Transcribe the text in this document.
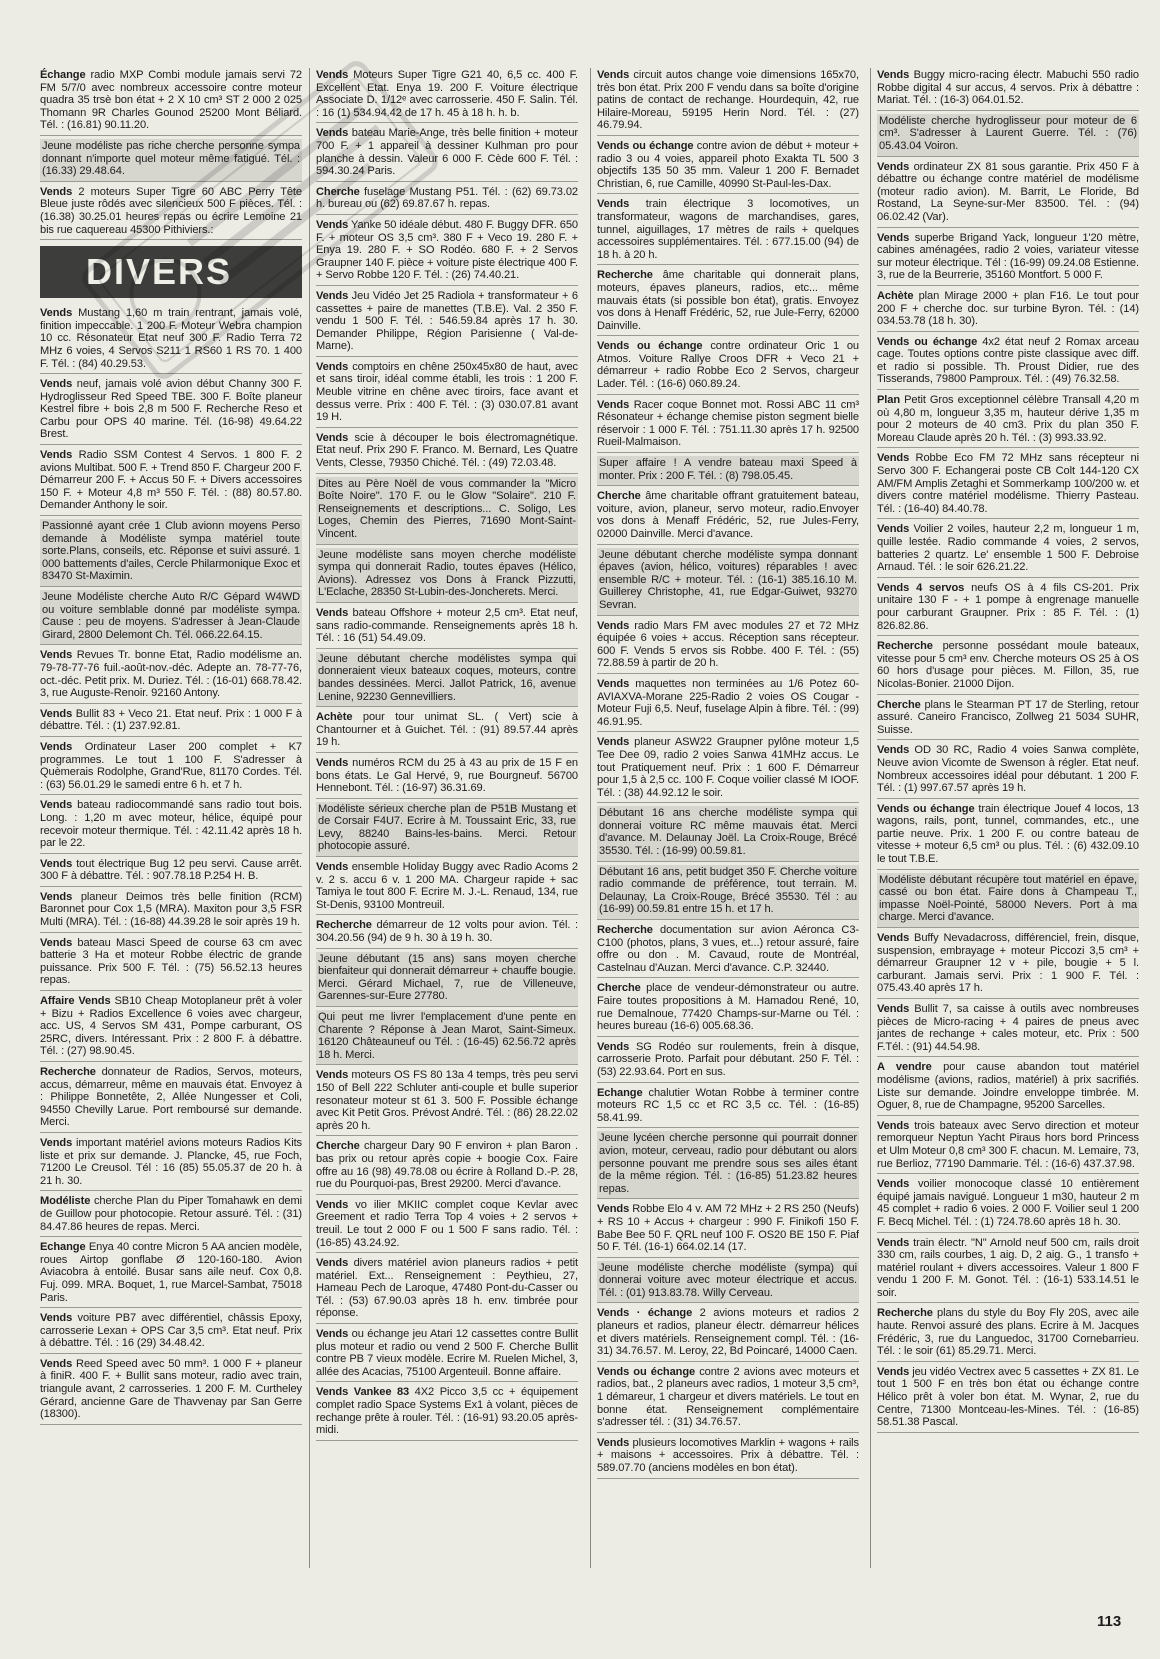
Échange radio MXP Combi module jamais servi 72 FM 5/7/0 avec nombreux accessoire contre moteur quadra 35 trsè bon état + 2 X 10 cm³ ST 2 000 2 025 Thomann 9R Charles Gounod 25200 Mont Béliard. Tél. : (16.81) 90.11.20.
Jeune modéliste pas riche cherche personne sympa donnant n'importe quel moteur même fatigué. Tél. : (16.33) 29.48.64.
Vends 2 moteurs Super Tigre 60 ABC Perry Tête Bleue juste rôdés avec silencieux 500 F pièces. Tél. : (16.38) 30.25.01 heures repas ou écrire Lemoine 21 bis rue caquereau 45300 Pithiviers.:
DIVERS
Vends Mustang 1,60 m train rentrant, jamais volé, finition impeccable. 1 200 F. Moteur Webra champion 10 cc. Résonateur Etat neuf 300 F. Radio Terra 72 MHz 6 voies, 4 Servos S211 1 RS60 1 RS 70. 1 400 F. Tél. : (84) 40.29.53.
Vends neuf, jamais volé avion début Channy 300 F. Hydroglisseur Red Speed TBE. 300 F. Boîte planeur Kestrel fibre + bois 2,8 m 500 F. Recherche Reso et Carbu pour OPS 40 marine. Tél. (16-98) 49.64.22 Brest.
Vends Radio SSM Contest 4 Servos. 1 800 F. 2 avions Multibat. 500 F. + Trend 850 F. Chargeur 200 F. Démarreur 200 F. + Accus 50 F. + Divers accessoires 150 F. + Moteur 4,8 m³ 550 F. Tél. : (88) 80.57.80. Demander Anthony le soir.
Passionné ayant crée 1 Club avionn moyens Perso demande à Modéliste sympa matériel toute sorte.Plans, conseils, etc. Réponse et suivi assuré. 1 000 battements d'ailes, Cercle Philarmonique Exoc et 83470 St-Maximin.
Jeune Modéliste cherche Auto R/C Gépard W4WD ou voiture semblable donné par modéliste sympa. Cause : peu de moyens. S'adresser à Jean-Claude Girard, 2800 Delemont Ch. Tél. 066.22.64.15.
Vends Revues Tr. bonne Etat, Radio modélisme an. 79-78-77-76 fuil.-août-nov.-déc. Adepte an. 78-77-76, oct.-déc. Petit prix. M. Duriez. Tél. : (16-01) 668.78.42. 3, rue Auguste-Renoir. 92160 Antony.
Vends Bullit 83 + Veco 21. Etat neuf. Prix : 1 000 F à débattre. Tél. : (1) 237.92.81.
Vends Ordinateur Laser 200 complet + K7 programmes. Le tout 1 100 F. S'adresser à Quèmerais Rodolphe, Grand'Rue, 81170 Cordes. Tél. : (63) 56.01.29 le samedi entre 6 h. et 7 h.
Vends bateau radiocommandé sans radio tout bois. Long. : 1,20 m avec moteur, hélice, équipé pour recevoir moteur thermique. Tél. : 42.11.42 après 18 h. par le 22.
Vends tout électrique Bug 12 peu servi. Cause arrêt. 300 F à débattre. Tél. : 907.78.18 P.254 H. B.
Vends planeur Deimos très belle finition (RCM) Baronnet pour Cox 1,5 (MRA). Maxiton pour 3,5 FSR Multi (MRA). Tél. : (16-88) 44.39.28 le soir après 19 h.
Vends bateau Masci Speed de course 63 cm avec batterie 3 Ha et moteur Robbe électric de grande puissance. Prix 500 F. Tél. : (75) 56.52.13 heures repas.
Affaire Vends SB10 Cheap Motoplaneur prêt à voler + Bizu + Radios Excellence 6 voies avec chargeur, acc. US, 4 Servos SM 431, Pompe carburant, OS 25RC, divers. Intéressant. Prix : 2 800 F. à débattre. Tél. : (27) 98.90.45.
Recherche donnateur de Radios, Servos, moteurs, accus, démarreur, même en mauvais état. Envoyez à : Philippe Bonnetête, 2, Allée Nungesser et Coli, 94550 Chevilly Larue. Port remboursé sur demande. Merci.
Vends important matériel avions moteurs Radios Kits liste et prix sur demande. J. Plancke, 45, rue Foch, 71200 Le Creusol. Tél : 16 (85) 55.05.37 de 20 h. à 21 h. 30.
Modéliste cherche Plan du Piper Tomahawk en demi de Guillow pour photocopie. Retour assuré. Tél. : (31) 84.47.86 heures de repas. Merci.
Echange Enya 40 contre Micron 5 AA ancien modèle, roues Airtop gonflabe Ø 120-160-180. Avion Aviacobra à entoilé. Busar sans aile neuf. Cox 0,8. Fuj. 099. MRA. Boquet, 1, rue Marcel-Sambat, 75018 Paris.
Vends voiture PB7 avec différentiel, châssis Epoxy, carrosserie Lexan + OPS Car 3,5 cm³. Etat neuf. Prix à débattre. Tél. : 16 (29) 34.48.42.
Vends Reed Speed avec 50 mm³. 1 000 F + planeur à finiR. 400 F. + Bullit sans moteur, radio avec train, triangule avant, 2 carrosseries. 1 200 F. M. Curtheley Gérard, ancienne Gare de Thavvenay par San Gerre (18300).
Vends Moteurs Super Tigre G21 40, 6,5 cc. 400 F. Excellent Etat. Enya 19. 200 F. Voiture électrique Associate D. 1/12ᵉ avec carrosserie. 450 F. Salin. Tél. : 16 (1) 534.94.42 de 17 h. 45 à 18 h. h. b.
Vends bateau Marie-Ange, très belle finition + moteur 700 F. + 1 appareil à dessiner Kulhman pro pour planche à dessin. Valeur 6 000 F. Cède 600 F. Tél. : 594.30.24 Paris.
Cherche fuselage Mustang P51. Tél. : (62) 69.73.02 h. bureau ou (62) 69.87.67 h. repas.
Vends Yanke 50 idéale début. 480 F. Buggy DFR. 650 F. + moteur OS 3,5 cm³. 380 F + Veco 19. 280 F. + Enya 19. 280 F. + SO Rodéo. 680 F. + 2 Servos Graupner 140 F. pièce + voiture piste électrique 400 F. + Servo Robbe 120 F. Tél. : (26) 74.40.21.
Vends Jeu Vidéo Jet 25 Radiola + transformateur + 6 cassettes + paire de manettes (T.B.E). Val. 2 350 F. vendu 1 500 F. Tél. : 546.59.84 après 17 h. 30. Demander Philippe, Région Parisienne ( Val-de-Marne).
Vends comptoirs en chêne 250x45x80 de haut, avec et sans tiroir, idéal comme établi, les trois : 1 200 F. Meuble vitrine en chêne avec tiroirs, face avant et dessus verre. Prix : 400 F. Tél. : (3) 030.07.81 avant 19 H.
Vends scie à découper le bois électromagnétique. Etat neuf. Prix 290 F. Franco. M. Bernard, Les Quatre Vents, Clesse, 79350 Chiché. Tél. : (49) 72.03.48.
Dites au Père Noël de vous commander la "Micro Boîte Noire". 170 F. ou le Glow "Solaire". 210 F. Renseignements et descriptions... C. Soligo, Les Loges, Chemin des Pierres, 71690 Mont-Saint-Vincent.
Jeune modéliste sans moyen cherche modéliste sympa qui donnerait Radio, toutes épaves (Hélico, Avions). Adressez vos Dons à Franck Pizzutti, L'Eclache, 28350 St-Lubin-des-Joncherets. Merci.
Vends bateau Offshore + moteur 2,5 cm³. Etat neuf, sans radio-commande. Renseignements après 18 h. Tél. : 16 (51) 54.49.09.
Jeune débutant cherche modélistes sympa qui donneraient vieux bateaux coques, moteurs, contre bandes dessinées. Merci. Jallot Patrick, 16, avenue Lenine, 92230 Gennevilliers.
Achète pour tour unimat SL. ( Vert) scie à Chantourner et à Guichet. Tél. : (91) 89.57.44 après 19 h.
Vends numéros RCM du 25 à 43 au prix de 15 F en bons états. Le Gal Hervé, 9, rue Bourgneuf. 56700 Hennebont. Tél. : (16-97) 36.31.69.
Modéliste sérieux cherche plan de P51B Mustang et de Corsair F4U7. Ecrire à M. Toussaint Eric, 33, rue Levy, 88240 Bains-les-bains. Merci. Retour photocopie assuré.
Vends ensemble Holiday Buggy avec Radio Acoms 2 v. 2 s. accu 6 v. 1 200 MA. Chargeur rapide + sac Tamiya le tout 800 F. Ecrire M. J.-L. Renaud, 134, rue St-Denis, 93100 Montreuil.
Recherche démarreur de 12 volts pour avion. Tél. : 304.20.56 (94) de 9 h. 30 à 19 h. 30.
Jeune débutant (15 ans) sans moyen cherche bienfaiteur qui donnerait démarreur + chauffe bougie. Merci. Gérard Michael, 7, rue de Villeneuve, Garennes-sur-Eure 27780.
Qui peut me livrer l'emplacement d'une pente en Charente ? Réponse à Jean Marot, Saint-Simeux. 16120 Châteauneuf ou Tél. : (16-45) 62.56.72 après 18 h. Merci.
Vends moteurs OS FS 80 13a 4 temps, très peu servi 150 of Bell 222 Schluter anti-couple et bulle superior resonateur moteur st 61 3. 500 F. Possible échange avec Kit Petit Gros. Prévost André. Tél. : (86) 28.22.02 après 20 h.
Cherche chargeur Dary 90 F environ + plan Baron . bas prix ou retour après copie + boogie Cox. Faire offre au 16 (98) 49.78.08 ou écrire à Rolland D.-P. 28, rue du Pourquoi-pas, Brest 29200. Merci d'avance.
Vends vo ilier MKIIC complet coque Kevlar avec Greement et radio Terra Top 4 voies + 2 servos + treuil. Le tout 2 000 F ou 1 500 F sans radio. Tél. : (16-85) 43.24.92.
Vends divers matériel avion planeurs radios + petit matériel. Ext... Renseignement : Peythieu, 27, Hameau Pech de Laroque, 47480 Pont-du-Casser ou Tél. : (53) 67.90.03 après 18 h. env. timbrée pour réponse.
Vends ou échange jeu Atari 12 cassettes contre Bullit plus moteur et radio ou vend 2 500 F. Cherche Bullit contre PB 7 vieux modèle. Ecrire M. Ruelen Michel, 3, allée des Acacias, 75100 Argenteuil. Bonne affaire.
Vends Vankee 83 4X2 Picco 3,5 cc + équipement complet radio Space Systems Ex1 à volant, pièces de rechange prête à rouler. Tél. : (16-91) 93.20.05 après-midi.
Vends circuit autos change voie dimensions 165x70, très bon état. Prix 200 F vendu dans sa boîte d'origine patins de contact de rechange. Hourdequin, 42, rue Hilaire-Moreau, 59195 Herin Nord. Tél. : (27) 46.79.94.
Vends ou échange contre avion de début + moteur + radio 3 ou 4 voies, appareil photo Exakta TL 500 3 objectifs 135 50 35 mm. Valeur 1 200 F. Bernadet Christian, 6, rue Camille, 40990 St-Paul-les-Dax.
Vends train électrique 3 locomotives, un transformateur, wagons de marchandises, gares, tunnel, aiguillages, 17 mètres de rails + quelques accessoires supplémentaires. Tél. : 677.15.00 (94) de 18 h. à 20 h.
Recherche âme charitable qui donnerait plans, moteurs, épaves planeurs, radios, etc... même mauvais états (si possible bon état), gratis. Envoyez vos dons à Henaff Frédéric, 52, rue Jule-Ferry, 62000 Dainville.
Vends ou échange contre ordinateur Oric 1 ou Atmos. Voiture Rallye Croos DFR + Veco 21 + démarreur + radio Robbe Eco 2 Servos, chargeur Lader. Tél. : (16-6) 060.89.24.
Vends Racer coque Bonnet mot. Rossi ABC 11 cm³ Résonateur + échange chemise piston segment bielle réservoir : 1 000 F. Tél. : 751.11.30 après 17 h. 92500 Rueil-Malmaison.
Super affaire ! A vendre bateau maxi Speed à monter. Prix : 200 F. Tél. : (8) 798.05.45.
Cherche âme charitable offrant gratuitement bateau, voiture, avion, planeur, servo moteur, radio.Envoyer vos dons à Menaff Frédéric, 52, rue Jules-Ferry, 02000 Dainville. Merci d'avance.
Jeune débutant cherche modéliste sympa donnant épaves (avion, hélico, voitures) réparables ! avec ensemble R/C + moteur. Tél. : (16-1) 385.16.10 M. Guillerey Christophe, 41, rue Edgar-Guiwet, 93270 Sevran.
Vends radio Mars FM avec modules 27 et 72 MHz équipée 6 voies + accus. Réception sans récepteur. 600 F. Vends 5 ervos sis Robbe. 400 F. Tél. : (55) 72.88.59 à partir de 20 h.
Vends maquettes non terminées au 1/6 Potez 60-AVIAXVA-Morane 225-Radio 2 voies OS Cougar - Moteur Fuji 6,5. Neuf, fuselage Alpin à fibre. Tél. : (99) 46.91.95.
Vends planeur ASW22 Graupner pylône moteur 1,5 Tee Dee 09, radio 2 voies Sanwa 41MHz accus. Le tout Pratiquement neuf. Prix : 1 600 F. Démarreur pour 1,5 à 2,5 cc. 100 F. Coque voilier classé M IOOF. Tél. : (38) 44.92.12 le soir.
Débutant 16 ans cherche modéliste sympa qui donnerai voiture RC même mauvais état. Merci d'avance. M. Delaunay Joël. La Croix-Rouge, Brécé 35530. Tél. : (16-99) 00.59.81.
Débutant 16 ans, petit budget 350 F. Cherche voiture radio commande de préférence, tout terrain. M. Delaunay, La Croix-Rouge, Brécé 35530. Tél : au (16-99) 00.59.81 entre 15 h. et 17 h.
Recherche documentation sur avion Aéronca C3-C100 (photos, plans, 3 vues, et...) retour assuré, faire offre ou don . M. Cavaud, route de Montréal, Castelnau d'Auzan. Merci d'avance. C.P. 32440.
Cherche place de vendeur-démonstrateur ou autre. Faire toutes propositions à M. Hamadou René, 10, rue Demalnoue, 77420 Champs-sur-Marne ou Tél. : heures bureau (16-6) 005.68.36.
Vends SG Rodéo sur roulements, frein à disque, carrosserie Proto. Parfait pour débutant. 250 F. Tél. : (53) 22.93.64. Port en sus.
Echange chalutier Wotan Robbe à terminer contre moteurs RC 1,5 cc et RC 3,5 cc. Tél. : (16-85) 58.41.99.
Jeune lycéen cherche personne qui pourrait donner avion, moteur, cerveau, radio pour débutant ou alors personne pouvant me prendre sous ses ailes étant de la même région. Tél. : (16-85) 51.23.82 heures repas.
Vends Robbe Elo 4 v. AM 72 MHz + 2 RS 250 (Neufs) + RS 10 + Accus + chargeur : 990 F. Finikofi 150 F. Babe Bee 50 F. QRL neuf 100 F. OS20 BE 150 F. Piaf 50 F. Tél. (16-1) 664.02.14 (17.
Jeune modéliste cherche modéliste (sympa) qui donnerai voiture avec moteur électrique et accus. Tél. : (01) 913.83.78. Willy Cerveau.
Vends · échange 2 avions moteurs et radios 2 planeurs et radios, planeur électr. démarreur hélices et divers matériels. Renseignement compl. Tél. : (16-31) 34.76.57. M. Leroy, 22, Bd Poincaré, 14000 Caen.
Vends ou échange contre 2 avions avec moteurs et radios, bat., 2 planeurs avec radios, 1 moteur 3,5 cm³, 1 démareur, 1 chargeur et divers matériels. Le tout en bonne état. Renseignement complémentaire s'adresser tél. : (31) 34.76.57.
Vends plusieurs locomotives Marklin + wagons + rails + maisons + accessoires. Prix à débattre. Tél. : 589.07.70 (anciens modèles en bon état).
Vends Buggy micro-racing électr. Mabuchi 550 radio Robbe digital 4 sur accus, 4 servos. Prix à débattre : Mariat. Tél. : (16-3) 064.01.52.
Modéliste cherche hydroglisseur pour moteur de 6 cm³. S'adresser à Laurent Guerre. Tél. : (76) 05.43.04 Voiron.
Vends ordinateur ZX 81 sous garantie. Prix 450 F à débattre ou échange contre matériel de modélisme (moteur radio avion). M. Barrit, Le Floride, Bd Rostand, La Seyne-sur-Mer 83500. Tél. : (94) 06.02.42 (Var).
Vends superbe Brigand Yack, longueur 1'20 mètre, cabines aménagées, radio 2 voies, variateur vitesse sur moteur électrique. Tél : (16-99) 09.24.08 Estienne. 3, rue de la Beurrerie, 35160 Montfort. 5 000 F.
Achète plan Mirage 2000 + plan F16. Le tout pour 200 F + cherche doc. sur turbine Byron. Tél. : (14) 034.53.78 (18 h. 30).
Vends ou échange 4x2 état neuf 2 Romax arceau cage. Toutes options contre piste classique avec diff. et radio si possible. Th. Proust Didier, rue des Tisserands, 79800 Pamproux. Tél. : (49) 76.32.58.
Plan Petit Gros exceptionnel célèbre Transall 4,20 m où 4,80 m, longueur 3,35 m, hauteur dérive 1,35 m pour 2 moteurs de 40 cm3. Prix du plan 350 F. Moreau Claude après 20 h. Tél. : (3) 993.33.92.
Vends Robbe Eco FM 72 MHz sans récepteur ni Servo 300 F. Echangerai poste CB Colt 144-120 CX AM/FM Amplis Zetaghi et Sommerkamp 100/200 w. et divers contre matériel modélisme. Thierry Pasteau. Tél. : (16-40) 84.40.78.
Vends Voilier 2 voiles, hauteur 2,2 m, longueur 1 m, quille lestée. Radio commande 4 voies, 2 servos, batteries 2 quartz. Le' ensemble 1 500 F. Debroise Arnaud. Tél. : le soir 626.21.22.
Vends 4 servos neufs OS à 4 fils CS-201. Prix unitaire 130 F - + 1 pompe à engrenage manuelle pour carburant Graupner. Prix : 85 F. Tél. : (1) 826.82.86.
Recherche personne possédant moule bateaux, vitesse pour 5 cm³ env. Cherche moteurs OS 25 à OS 60 hors d'usage pour pièces. M. Fillon, 35, rue Nicolas-Bonier. 21000 Dijon.
Cherche plans le Stearman PT 17 de Sterling, retour assuré. Caneiro Francisco, Zollweg 21 5034 SUHR, Suisse.
Vends OD 30 RC, Radio 4 voies Sanwa complète, Neuve avion Vicomte de Swenson à régler. Etat neuf. Nombreux accessoires idéal pour débutant. 1 200 F. Tél. : (1) 997.67.57 après 19 h.
Vends ou échange train électrique Jouef 4 locos, 13 wagons, rails, pont, tunnel, commandes, etc., une partie neuve. Prix. 1 200 F. ou contre bateau de vitesse + moteur 6,5 cm³ ou plus. Tél. : (6) 432.09.10 le tout T.B.E.
Modéliste débutant récupère tout matériel en épave, cassé ou bon état. Faire dons à Champeau T., impasse Noël-Pointé, 58000 Nevers. Port à ma charge. Merci d'avance.
Vends Buffy Nevadacross, différenciel, frein, disque, suspension, embrayage + moteur Piccozi 3,5 cm³ + démarreur Graupner 12 v + pile, bougie + 5 l. carburant. Jamais servi. Prix : 1 900 F. Tél. : 075.43.40 après 17 h.
Vends Bullit 7, sa caisse à outils avec nombreuses pièces de Micro-racing + 4 paires de pneus avec jantes de rechange + cales moteur, etc. Prix : 500 F.Tél. : (91) 44.54.98.
A vendre pour cause abandon tout matériel modélisme (avions, radios, matériel) à prix sacrifiés. Liste sur demande. Joindre enveloppe timbrée. M. Oguer, 8, rue de Champagne, 95200 Sarcelles.
Vends trois bateaux avec Servo direction et moteur remorqueur Neptun Yacht Piraus hors bord Princess et Ulm Moteur 0,8 cm³ 300 F. chacun. M. Lemaire, 73, rue Berlioz, 77190 Dammarie. Tél. : (16-6) 437.37.98.
Vends voilier monocoque classé 10 entièrement équipé jamais navigué. Longueur 1 m30, hauteur 2 m 45 complet + radio 6 voies. 2 000 F. Voilier seul 1 200 F. Becq Michel. Tél. : (1) 724.78.60 après 18 h. 30.
Vends train électr. "N" Arnold neuf 500 cm, rails droit 330 cm, rails courbes, 1 aig. D, 2 aig. G., 1 transfo + matériel roulant + divers accessoires. Valeur 1 800 F vendu 1 200 F. M. Gonot. Tél. : (16-1) 533.14.51 le soir.
Recherche plans du style du Boy Fly 20S, avec aile haute. Renvoi assuré des plans. Ecrire à M. Jacques Frédéric, 3, rue du Languedoc, 31700 Cornebarrieu. Tél. : le soir (61) 85.29.71. Merci.
Vends jeu vidéo Vectrex avec 5 cassettes + ZX 81. Le tout 1 500 F en très bon état ou échange contre Hélico prêt à voler bon état. M. Wynar, 2, rue du Centre, 71300 Montceau-les-Mines. Tél. : (16-85) 58.51.38 Pascal.
113
